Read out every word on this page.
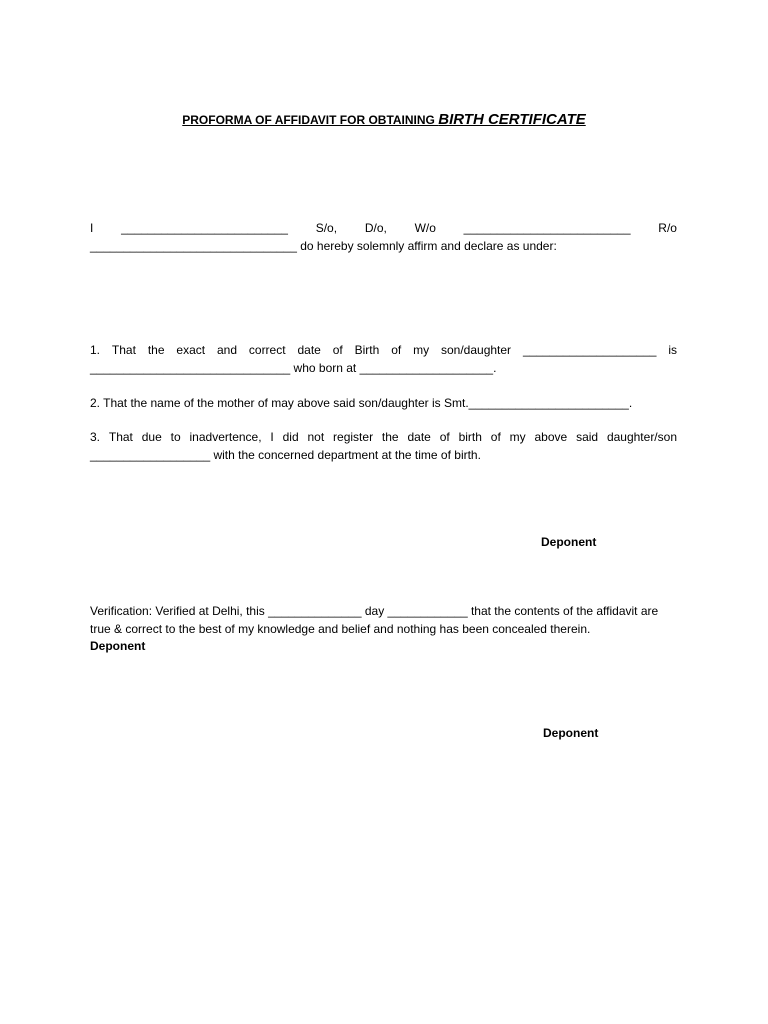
PROFORMA OF AFFIDAVIT FOR OBTAINING BIRTH CERTIFICATE
I _________________________ S/o, D/o, W/o _________________________ R/o

_______________________________ do hereby solemnly affirm and declare as under:

1. That the exact and correct date of Birth of my son/daughter ____________________ is

______________________________ who born at ____________________.

2. That the name of the mother of may above said son/daughter is Smt.________________________.

3. That due to inadvertence, I did not register the date of birth of my above said daughter/son

__________________ with the concerned department at the time of birth.

Deponent

Verification: Verified at Delhi, this ______________ day ____________ that the contents of the affidavit are

true & correct to the best of my knowledge and belief and nothing has been concealed therein.

Deponent

Deponent
